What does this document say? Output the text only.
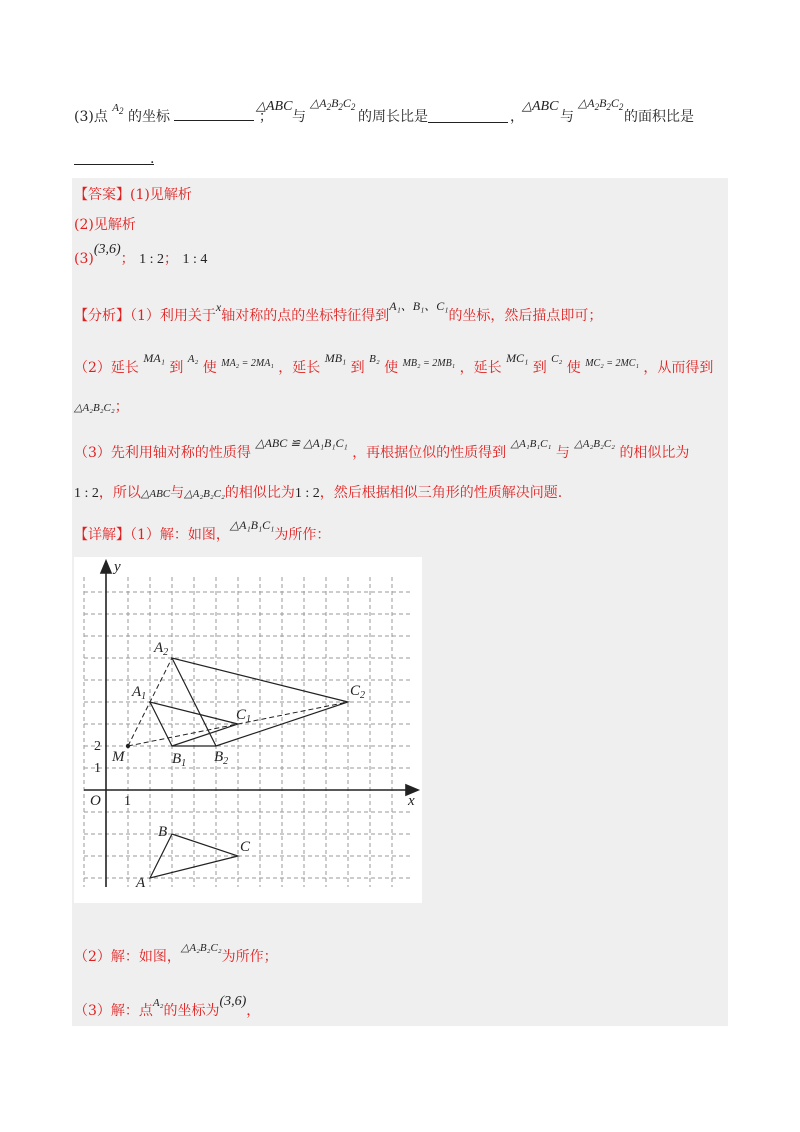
(3)点 $^{A_2}$ 的坐标	；
△ABC
与
$\triangle A_2B_2C_2$
的周长比是	，
△ABC
与
$\triangle A_2B_2C_2$
的面积比是
.
【答案】(1)见解析
(2)见解析
(3)(3,6)； 1 : 2； 1 : 4
【分析】（1）利用关于x轴对称的点的坐标特征得到A₁、B₁、C₁的坐标，然后描点即可；
（2）延长 MA₁ 到 $^{A_2}$ 使 $^{MA_2 = 2MA_1}$ ，延长 MB₁ 到 $^{B_2}$ 使 $^{MB_2 = 2MB_1}$ ，延长 MC₁ 到 $^{C_2}$ 使 $^{MC_2 = 2MC_1}$ ，从而得到
△A₂B₂C₂；
（3）先利用轴对称的性质得 △ABC ≌ △A₁B₁C₁ ，再根据位似的性质得到 $^{\triangle A_1B_1C_1}$ 与 $^{\triangle A_2B_2C_2}$ 的相似比为
1 : 2，所以△ABC与△A₂B₂C₂的相似比为1 : 2，然后根据相似三角形的性质解决问题.
【详解】（1）解：如图，△A₁B₁C₁为所作：
y
x
O
M
A
B
C
$A_1$
$B_1$
$C_1$
$A_2$
$B_2$
$C_2$
1
1
2
（2）解：如图，$^{\triangle A_2B_2C_2}$为所作；
（3）解：点$^{A_2}$的坐标为(3,6)，
